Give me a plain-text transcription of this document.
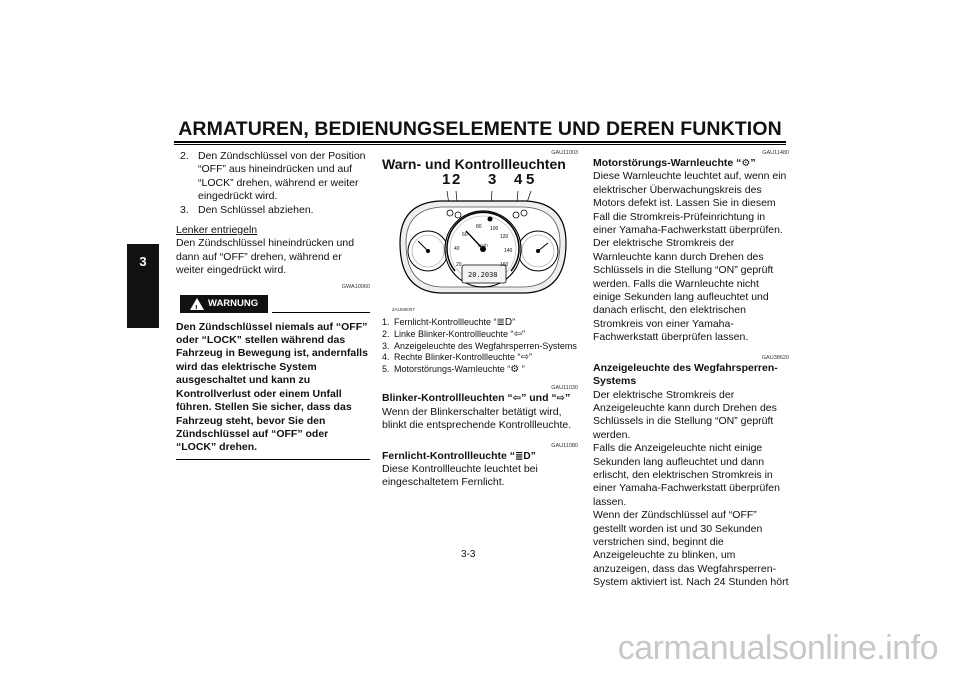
ARMATUREN, BEDIENUNGSELEMENTE UND DEREN FUNKTION
3
2. Den Zündschlüssel von der Position “OFF” aus hineindrücken und auf “LOCK” drehen, während er weiter eingedrückt wird.
3. Den Schlüssel abziehen.
Lenker entriegeln
Den Zündschlüssel hineindrücken und dann auf “OFF” drehen, während er weiter eingedrückt wird.
GWA10060
! WARNUNG
Den Zündschlüssel niemals auf “OFF” oder “LOCK” stellen während das Fahrzeug in Bewegung ist, andernfalls wird das elektrische System ausgeschaltet und kann zu Kontrollverlust oder einem Unfall führen. Stellen Sie sicher, dass das Fahrzeug steht, bevor Sie den Zündschlüssel auf “OFF” oder “LOCK” drehen.
GAU11003
Warn- und Kontrollleuchten
1 2 3 4 5
20
40
60
80 100
120
140
160
km/h
20.2038
ZAUM0007
1. Fernlicht-Kontrollleuchte “≣D”
2. Linke Blinker-Kontrollleuchte “⇦”
3. Anzeigeleuchte des Wegfahrsperren-Systems
4. Rechte Blinker-Kontrollleuchte “⇨”
5. Motorstörungs-Warnleuchte “⚙ ”
GAU11030
Blinker-Kontrollleuchten “⇦” und “⇨”
Wenn der Blinkerschalter betätigt wird, blinkt die entsprechende Kontrollleuchte.
GAU11080
Fernlicht-Kontrollleuchte “≣D”
Diese Kontrollleuchte leuchtet bei eingeschaltetem Fernlicht.
GAU11480
Motorstörungs-Warnleuchte “⚙”
Diese Warnleuchte leuchtet auf, wenn ein elektrischer Überwachungskreis des Motors defekt ist. Lassen Sie in diesem Fall die Stromkreis-Prüfeinrichtung in einer Yamaha-Fachwerkstatt überprüfen.
Der elektrische Stromkreis der Warnleuchte kann durch Drehen des Schlüssels in die Stellung “ON” geprüft werden. Falls die Warnleuchte nicht einige Sekunden lang aufleuchtet und danach erlischt, den elektrischen Stromkreis von einer Yamaha-Fachwerkstatt überprüfen lassen.
GAU38620
Anzeigeleuchte des Wegfahrsperren-Systems
Der elektrische Stromkreis der Anzeigeleuchte kann durch Drehen des Schlüssels in die Stellung “ON” geprüft werden.
Falls die Anzeigeleuchte nicht einige Sekunden lang aufleuchtet und dann erlischt, den elektrischen Stromkreis in einer Yamaha-Fachwerkstatt überprüfen lassen.
Wenn der Zündschlüssel auf “OFF” gestellt worden ist und 30 Sekunden verstrichen sind, beginnt die Anzeigeleuchte zu blinken, um anzuzeigen, dass das Wegfahrsperren-System aktiviert ist. Nach 24 Stunden hört
3-3
carmanualsonline.info
